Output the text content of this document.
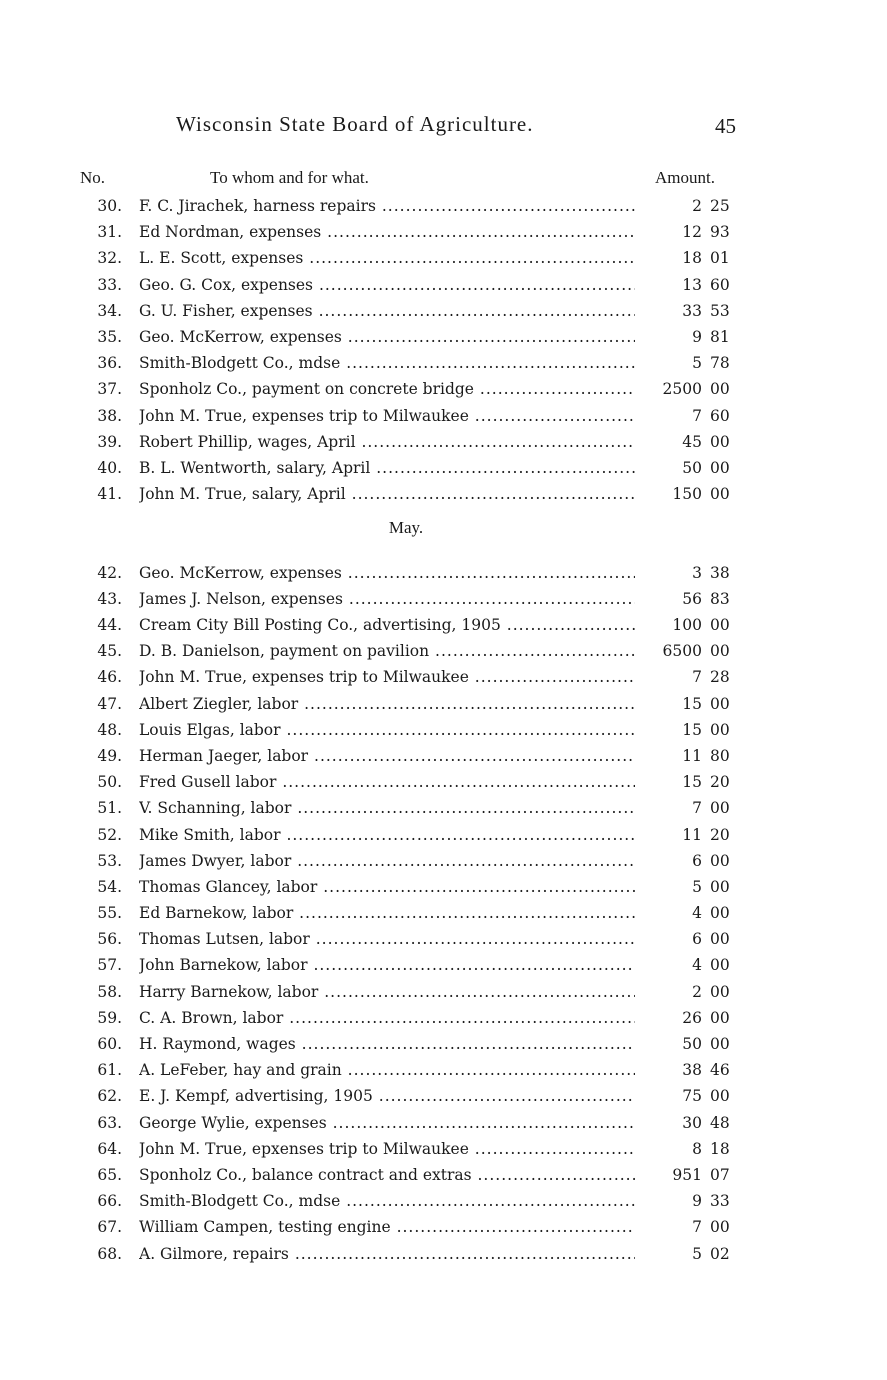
Wisconsin State Board of Agriculture.	45
No.	To whom and for what.	Amount.
30. F. C. Jirachek, harness repairs .....	2 25
31. Ed Nordman, expenses .....	12 93
32. L. E. Scott, expenses .....	18 01
33. Geo. G. Cox, expenses .....	13 60
34. G. U. Fisher, expenses .....	33 53
35. Geo. McKerrow, expenses .....	9 81
36. Smith-Blodgett Co., mdse .....	5 78
37. Sponholz Co., payment on concrete bridge .....	2500 00
38. John M. True, expenses trip to Milwaukee .....	7 60
39. Robert Phillip, wages, April .....	45 00
40. B. L. Wentworth, salary, April .....	50 00
41. John M. True, salary, April .....	150 00
May.
42. Geo. McKerrow, expenses .....	3 38
43. James J. Nelson, expenses .....	56 83
44. Cream City Bill Posting Co., advertising, 1905 .....	100 00
45. D. B. Danielson, payment on pavilion .....	6500 00
46. John M. True, expenses trip to Milwaukee .....	7 28
47. Albert Ziegler, labor .....	15 00
48. Louis Elgas, labor .....	15 00
49. Herman Jaeger, labor .....	11 80
50. Fred Gusell labor .....	15 20
51. V. Schanning, labor .....	7 00
52. Mike Smith, labor .....	11 20
53. James Dwyer, labor .....	6 00
54. Thomas Glancey, labor .....	5 00
55. Ed Barnekow, labor .....	4 00
56. Thomas Lutsen, labor .....	6 00
57. John Barnekow, labor .....	4 00
58. Harry Barnekow, labor .....	2 00
59. C. A. Brown, labor .....	26 00
60. H. Raymond, wages .....	50 00
61. A. LeFeber, hay and grain .....	38 46
62. E. J. Kempf, advertising, 1905 .....	75 00
63. George Wylie, expenses .....	30 48
64. John M. True, epxenses trip to Milwaukee .....	8 18
65. Sponholz Co., balance contract and extras .....	951 07
66. Smith-Blodgett Co., mdse .....	9 33
67. William Campen, testing engine .....	7 00
68. A. Gilmore, repairs .....	5 02
